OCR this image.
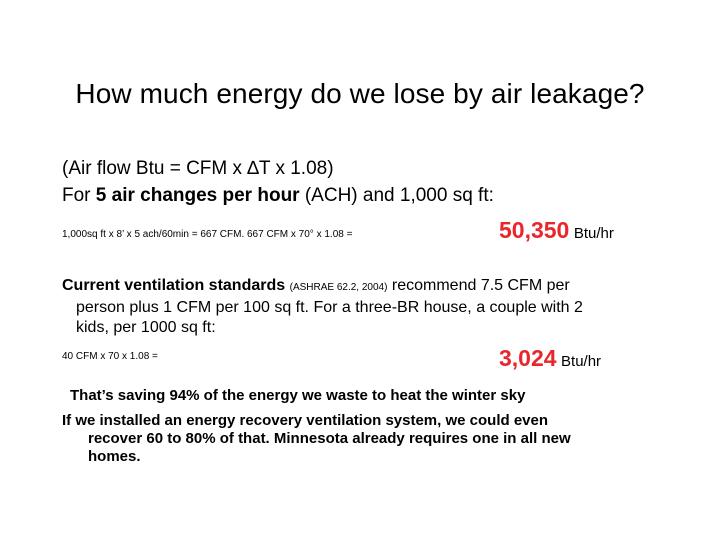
How much energy do we lose by air leakage?
(Air flow Btu = CFM x ∆T x 1.08)
For 5 air changes per hour (ACH) and 1,000 sq ft:
1,000sq ft x 8’ x 5 ach/60min = 667 CFM. 667 CFM x 70° x 1.08 =	50,350 Btu/hr
Current ventilation standards (ASHRAE 62.2, 2004) recommend 7.5 CFM per
person plus 1 CFM per 100 sq ft. For a three-BR house, a couple with 2
kids, per 1000 sq ft:
40 CFM x 70 x 1.08 =	3,024 Btu/hr
That’s saving 94% of the energy we waste to heat the winter sky
If we installed an energy recovery ventilation system, we could even
recover 60 to 80% of that. Minnesota already requires one in all new
homes.
